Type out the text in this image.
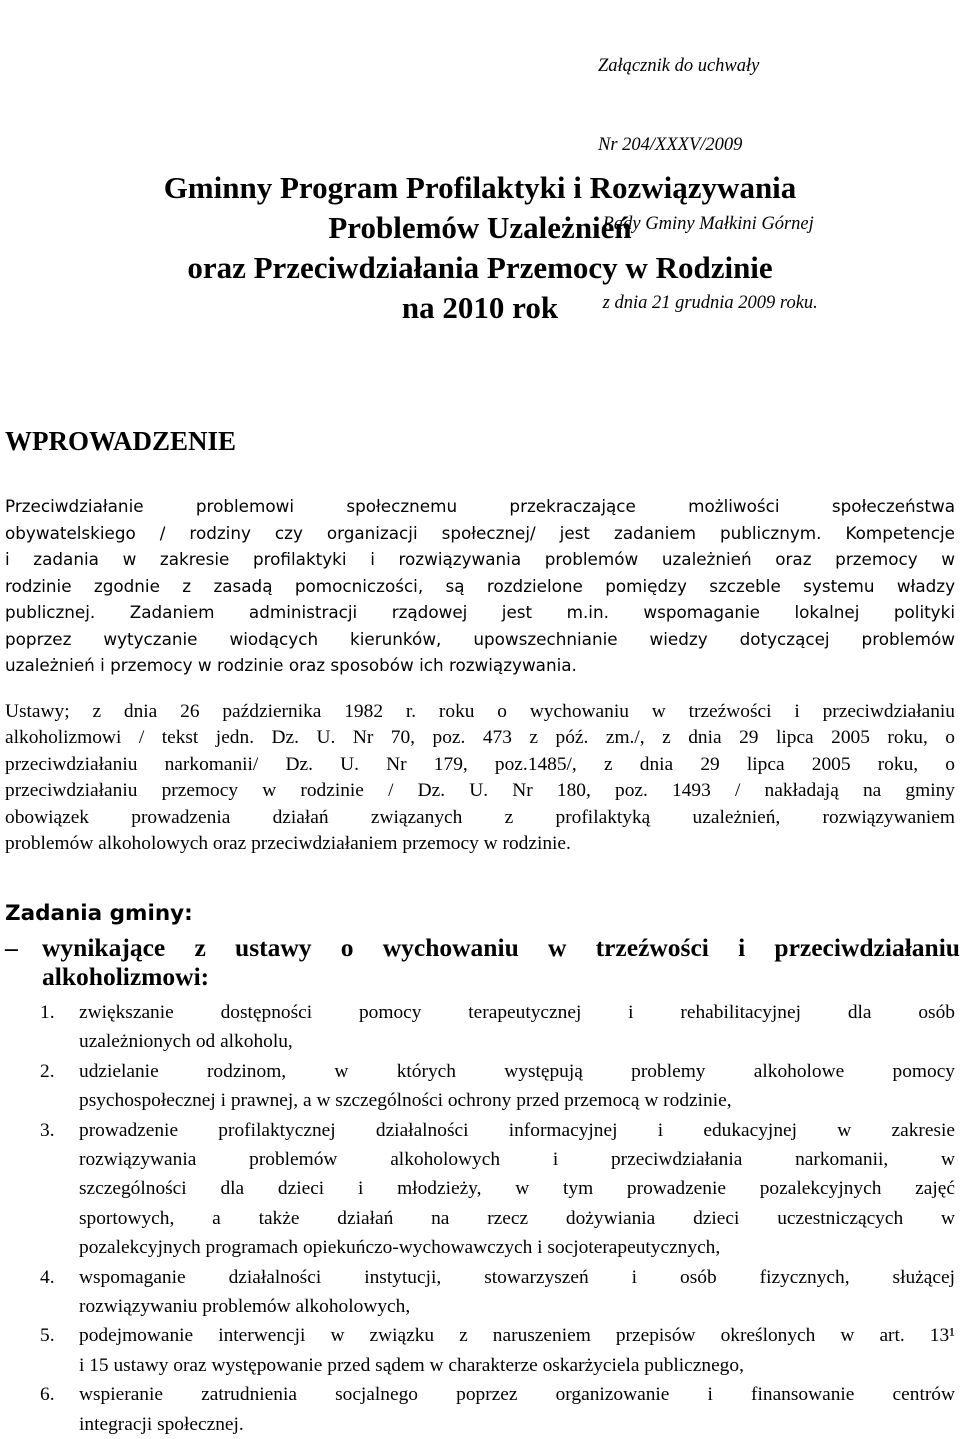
Załącznik do uchwały

Nr 204/XXXV/2009

Rady Gminy Małkini Górnej

z dnia 21 grudnia 2009 roku.

Gminny Program Profilaktyki i Rozwiązywania
Problemów Uzależnień
oraz Przeciwdziałania Przemocy w Rodzinie
na 2010 rok
WPROWADZENIE
Przeciwdziałanie problemowi społecznemu przekraczające możliwości społeczeństwa
obywatelskiego / rodziny czy organizacji społecznej/ jest zadaniem publicznym. Kompetencje
i zadania w zakresie profilaktyki i rozwiązywania problemów uzależnień oraz przemocy w
rodzinie zgodnie z zasadą pomocniczości, są rozdzielone pomiędzy szczeble systemu władzy
publicznej. Zadaniem administracji rządowej jest m.in. wspomaganie lokalnej polityki
poprzez wytyczanie wiodących kierunków, upowszechnianie wiedzy dotyczącej problemów
uzależnień i przemocy w rodzinie oraz sposobów ich rozwiązywania.
Ustawy; z dnia 26 października 1982 r. roku o wychowaniu w trzeźwości i przeciwdziałaniu
alkoholizmowi / tekst jedn. Dz. U. Nr 70, poz. 473 z póź. zm./, z dnia 29 lipca 2005 roku, o
przeciwdziałaniu narkomanii/ Dz. U. Nr 179, poz.1485/, z dnia 29 lipca 2005 roku, o
przeciwdziałaniu przemocy w rodzinie / Dz. U. Nr 180, poz. 1493 / nakładają na gminy
obowiązek prowadzenia działań związanych z profilaktyką uzależnień, rozwiązywaniem
problemów alkoholowych oraz przeciwdziałaniem przemocy w rodzinie.
Zadania gminy:
– wynikające z ustawy o wychowaniu w trzeźwości i przeciwdziałaniu
alkoholizmowi:
1. zwiększanie dostępności pomocy terapeutycznej i rehabilitacyjnej dla osób
uzależnionych od alkoholu,
2. udzielanie rodzinom, w których występują problemy alkoholowe pomocy
psychospołecznej i prawnej, a w szczególności ochrony przed przemocą w rodzinie,
3. prowadzenie profilaktycznej działalności informacyjnej i edukacyjnej w zakresie
rozwiązywania problemów alkoholowych i przeciwdziałania narkomanii, w
szczególności dla dzieci i młodzieży, w tym prowadzenie pozalekcyjnych zajęć
sportowych, a także działań na rzecz dożywiania dzieci uczestniczących w
pozalekcyjnych programach opiekuńczo-wychowawczych i socjoterapeutycznych,
4. wspomaganie działalności instytucji, stowarzyszeń i osób fizycznych, służącej
rozwiązywaniu problemów alkoholowych,
5. podejmowanie interwencji w związku z naruszeniem przepisów określonych w art. 13¹
i 15 ustawy oraz występowanie przed sądem w charakterze oskarżyciela publicznego,
6. wspieranie zatrudnienia socjalnego poprzez organizowanie i finansowanie centrów
integracji społecznej.
